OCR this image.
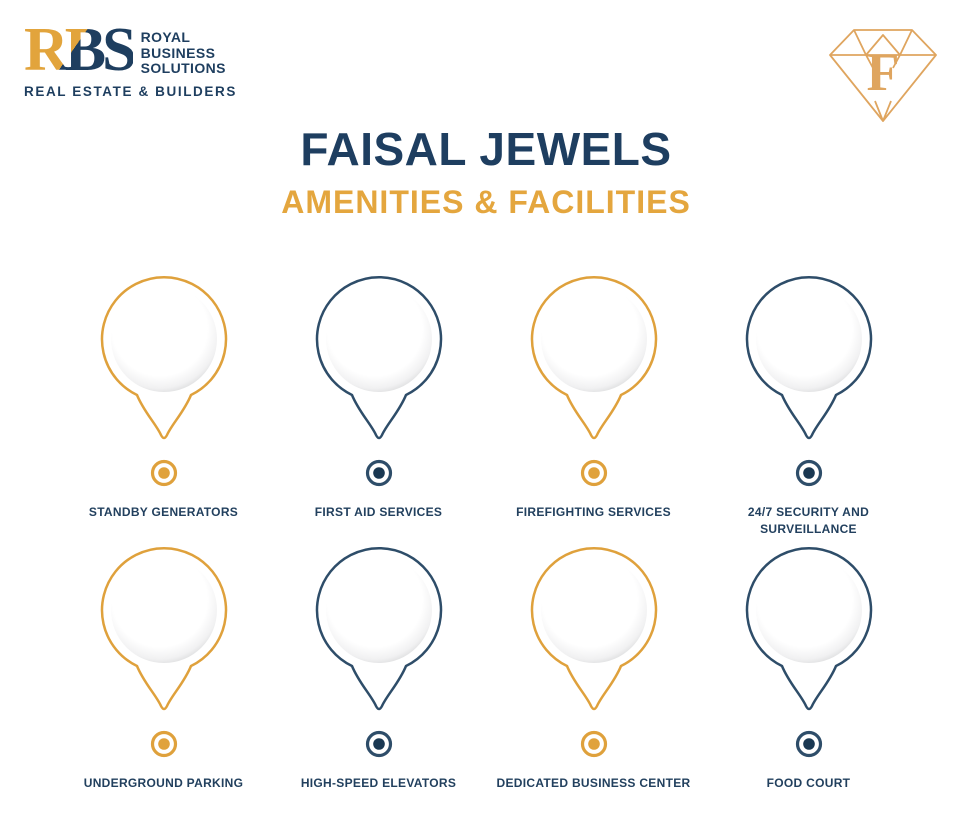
RBS ROYAL
BUSINESS
SOLUTIONS
REAL ESTATE & BUILDERS	F
FAISAL JEWELS
AMENITIES & FACILITIES
STANDBY GENERATORS	FIRST AID SERVICES	FIREFIGHTING SERVICES	24/7 SECURITY AND SURVEILLANCE
UNDERGROUND PARKING	HIGH-SPEED ELEVATORS	DEDICATED BUSINESS CENTER	FOOD COURT
